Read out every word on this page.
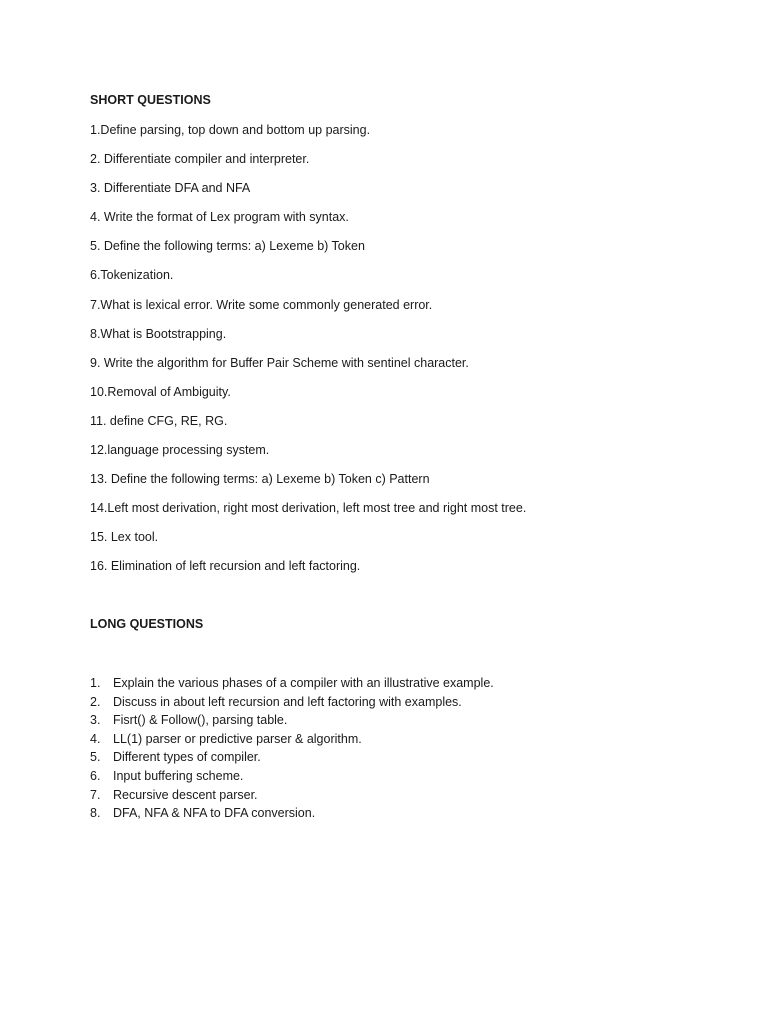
SHORT QUESTIONS
1.Define parsing, top down and bottom up parsing.
2. Differentiate compiler and interpreter.
3. Differentiate DFA and NFA
4. Write the format of Lex program with syntax.
5. Define the following terms: a) Lexeme b) Token
6.Tokenization.
7.What is lexical error. Write some commonly generated error.
8.What is Bootstrapping.
9. Write the algorithm for Buffer Pair Scheme with sentinel character.
10.Removal of Ambiguity.
11. define CFG, RE, RG.
12.language processing system.
13. Define the following terms: a) Lexeme b) Token c) Pattern
14.Left most derivation, right most derivation, left most tree and right most tree.
15. Lex tool.
16. Elimination of left recursion and left factoring.
LONG QUESTIONS
1. Explain the various phases of a compiler with an illustrative example.
2. Discuss in about left recursion and left factoring with examples.
3. Fisrt() & Follow(), parsing table.
4. LL(1) parser or predictive parser & algorithm.
5. Different types of compiler.
6. Input buffering scheme.
7. Recursive descent parser.
8. DFA, NFA & NFA to DFA conversion.
